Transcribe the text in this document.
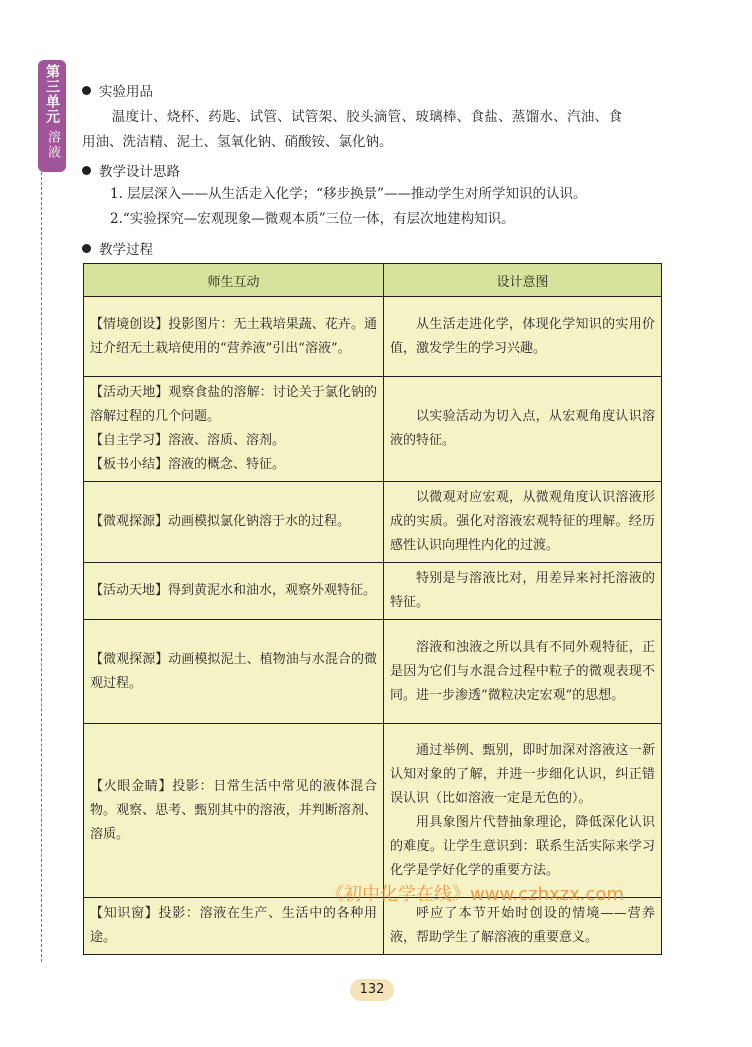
第三单元
溶液
实验用品
温度计、烧杯、药匙、试管、试管架、胶头滴管、玻璃棒、食盐、蒸馏水、汽油、食
用油、洗洁精、泥土、氢氧化钠、硝酸铵、氯化钠。
教学设计思路
1. 层层深入——从生活走入化学；“移步换景”——推动学生对所学知识的认识。
2.“实验探究—宏观现象—微观本质”三位一体，有层次地建构知识。
教学过程
师生互动	设计意图

【情境创设】投影图片：无土栽培果蔬、花卉。通过介绍无土栽培使用的“营养液”引出“溶液”。	从生活走进化学，体现化学知识的实用价值，激发学生的学习兴趣。

【活动天地】观察食盐的溶解：讨论关于氯化钠的溶解过程的几个问题。
【自主学习】溶液、溶质、溶剂。
【板书小结】溶液的概念、特征。	以实验活动为切入点，从宏观角度认识溶液的特征。

【微观探源】动画模拟氯化钠溶于水的过程。	以微观对应宏观，从微观角度认识溶液形成的实质。强化对溶液宏观特征的理解。经历感性认识向理性内化的过渡。

【活动天地】得到黄泥水和油水，观察外观特征。	特别是与溶液比对，用差异来衬托溶液的特征。

【微观探源】动画模拟泥土、植物油与水混合的微观过程。	溶液和浊液之所以具有不同外观特征，正是因为它们与水混合过程中粒子的微观表现不同。进一步渗透“微粒决定宏观”的思想。

【火眼金睛】投影：日常生活中常见的液体混合物。观察、思考、甄别其中的溶液，并判断溶剂、溶质。	通过举例、甄别，即时加深对溶液这一新认知对象的了解，并进一步细化认识，纠正错误认识（比如溶液一定是无色的）。

用具象图片代替抽象理论，降低深化认识的难度。让学生意识到：联系生活实际来学习化学是学好化学的重要方法。

【知识窗】投影：溶液在生产、生活中的各种用途。	呼应了本节开始时创设的情境——营养液，帮助学生了解溶液的重要意义。

《初中化学在线》www.czhxzx.com
132
